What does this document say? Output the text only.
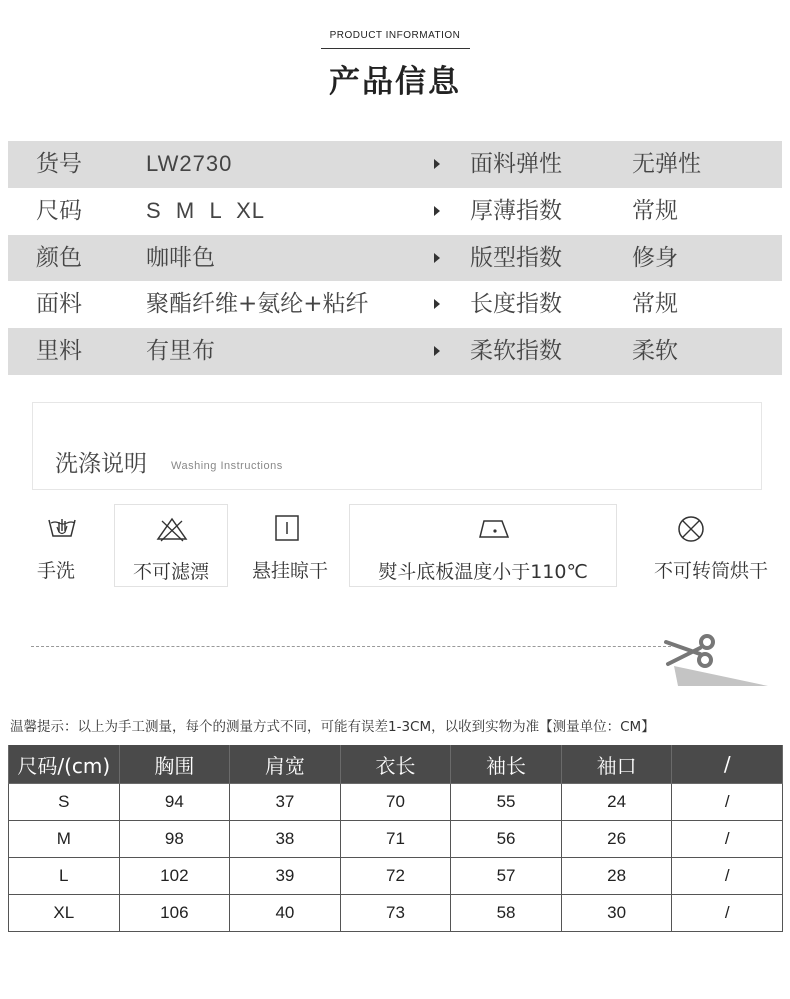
PRODUCT INFORMATION
产品信息
货号	LW2730	面料弹性	无弹性
尺码	S  M  L  XL	厚薄指数	常规
颜色	咖啡色	版型指数	修身
面料	聚酯纤维+氨纶+粘纤	长度指数	常规
里料	有里布	柔软指数	柔软
洗涤说明 Washing Instructions
手洗	不可滤漂	悬挂晾干	熨斗底板温度小于110℃	不可转筒烘干
温馨提示：以上为手工测量，每个的测量方式不同，可能有误差1-3CM，以收到实物为准【测量单位：CM】
尺码/(cm)	胸围	肩宽	衣长	袖长	袖口	/
S	94	37	70	55	24	/
M	98	38	71	56	26	/
L	102	39	72	57	28	/
XL	106	40	73	58	30	/
